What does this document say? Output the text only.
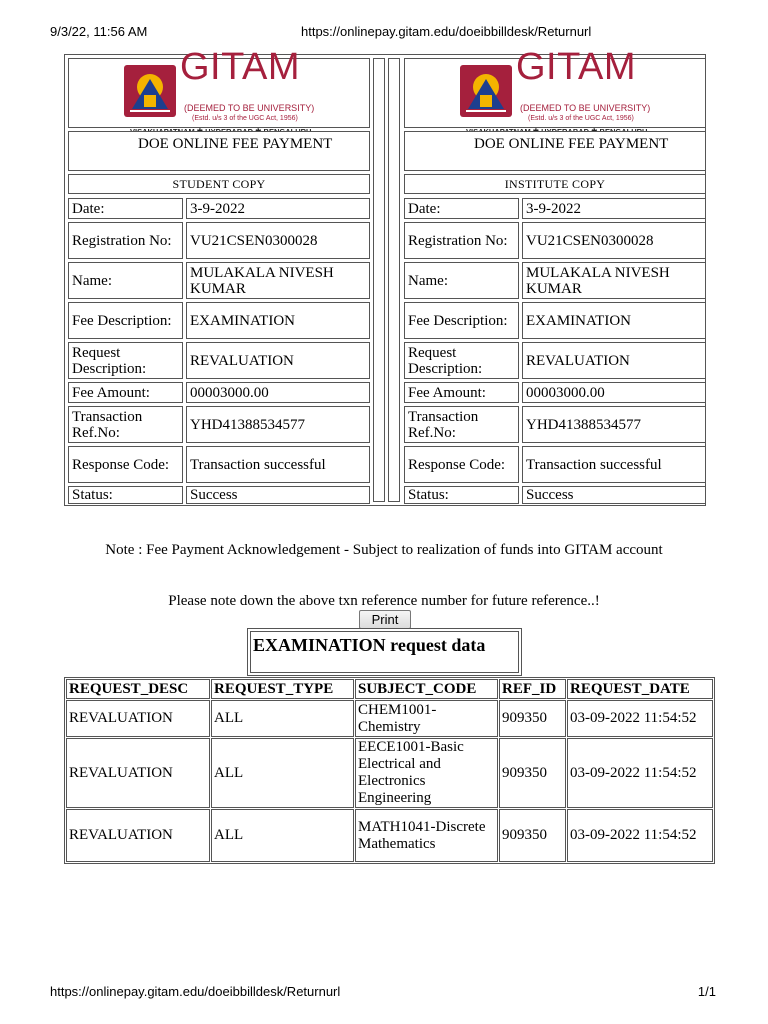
9/3/22, 11:56 AM	https://onlinepay.gitam.edu/doeibbilldesk/Returnurl
GITAM
(DEEMED TO BE UNIVERSITY)
(Estd. u/s 3 of the UGC Act, 1956)
DOE ONLINE FEE PAYMENT
STUDENT COPY
Date:	3-9-2022
Registration No:	VU21CSEN0300028
Name:	MULAKALA NIVESH KUMAR
Fee Description:	EXAMINATION
Request Description:	REVALUATION
Fee Amount:	00003000.00
Transaction Ref.No:	YHD41388534577
Response Code:	Transaction successful
Status:	Success
GITAM
(DEEMED TO BE UNIVERSITY)
(Estd. u/s 3 of the UGC Act, 1956)
DOE ONLINE FEE PAYMENT
INSTITUTE COPY
Date:	3-9-2022
Registration No:	VU21CSEN0300028
Name:	MULAKALA NIVESH KUMAR
Fee Description:	EXAMINATION
Request Description:	REVALUATION
Fee Amount:	00003000.00
Transaction Ref.No:	YHD41388534577
Response Code:	Transaction successful
Status:	Success
Note : Fee Payment Acknowledgement - Subject to realization of funds into GITAM account
Please note down the above txn reference number for future reference..!
Print
EXAMINATION request data
REQUEST_DESC	REQUEST_TYPE	SUBJECT_CODE	REF_ID	REQUEST_DATE
REVALUATION	ALL	CHEM1001-Chemistry	909350	03-09-2022 11:54:52
REVALUATION	ALL	EECE1001-Basic Electrical and Electronics Engineering	909350	03-09-2022 11:54:52
REVALUATION	ALL	MATH1041-Discrete Mathematics	909350	03-09-2022 11:54:52
https://onlinepay.gitam.edu/doeibbilldesk/Returnurl	1/1
